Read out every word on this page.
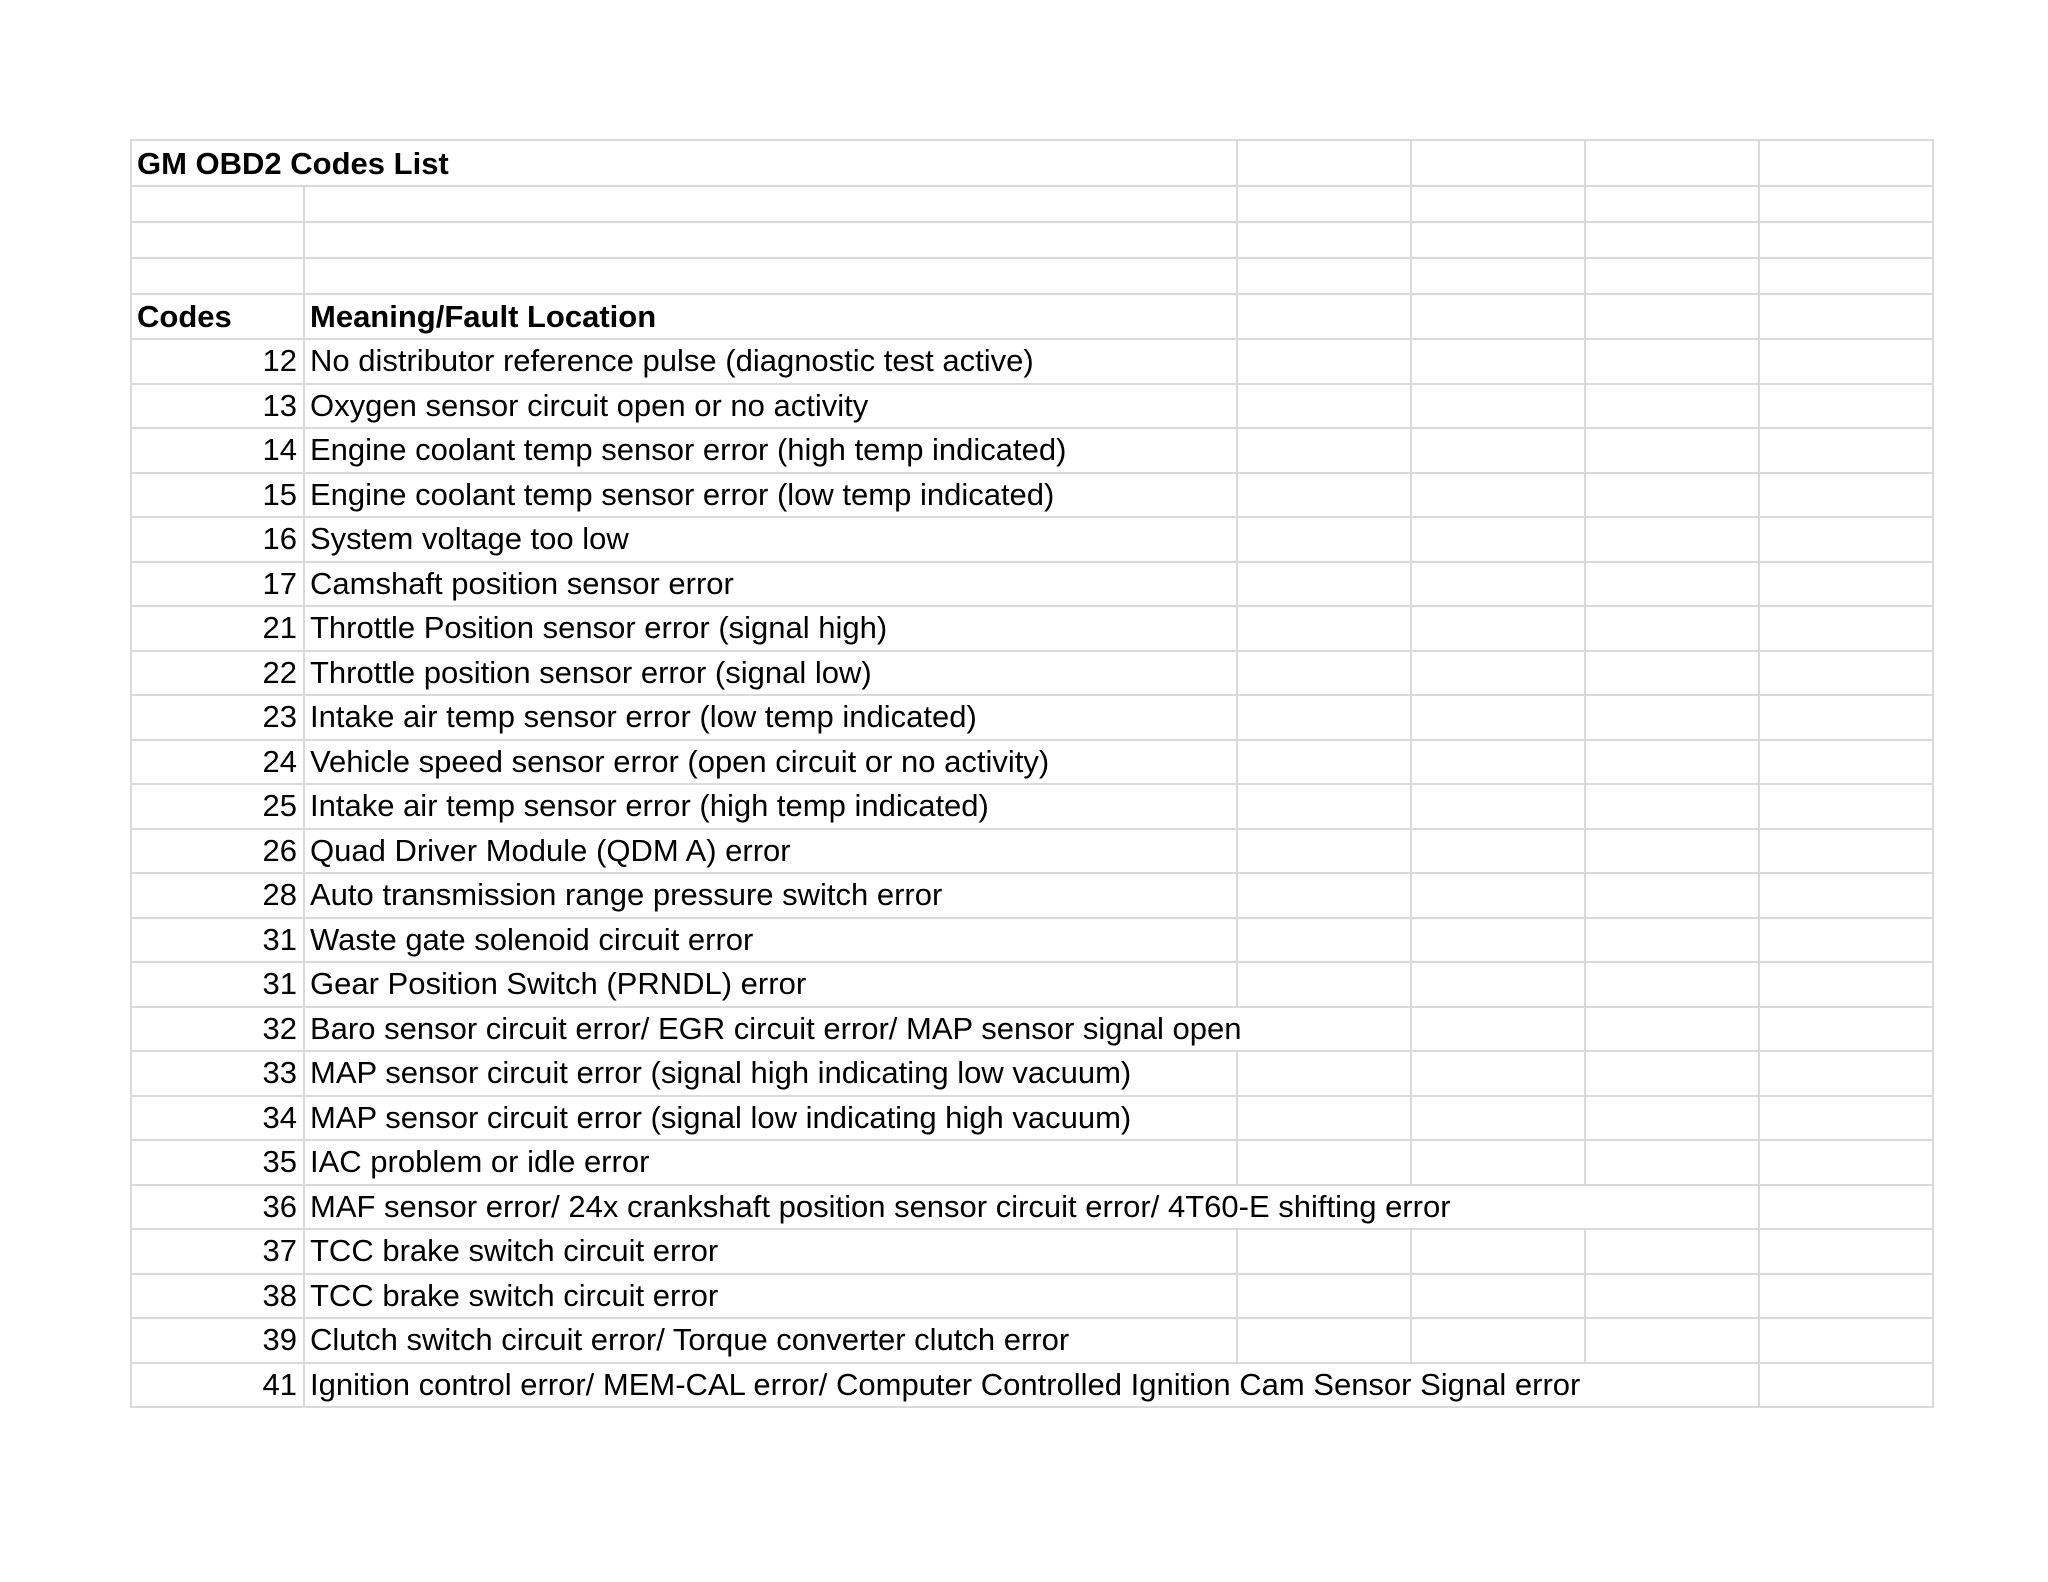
GM OBD2 Codes List
Codes	Meaning/Fault Location
12 No distributor reference pulse (diagnostic test active)
13 Oxygen sensor circuit open or no activity
14 Engine coolant temp sensor error (high temp indicated)
15 Engine coolant temp sensor error (low temp indicated)
16 System voltage too low
17 Camshaft position sensor error
21 Throttle Position sensor error (signal high)
22 Throttle position sensor error (signal low)
23 Intake air temp sensor error (low temp indicated)
24 Vehicle speed sensor error (open circuit or no activity)
25 Intake air temp sensor error (high temp indicated)
26 Quad Driver Module (QDM A) error
28 Auto transmission range pressure switch error
31 Waste gate solenoid circuit error
31 Gear Position Switch (PRNDL) error
32 Baro sensor circuit error/ EGR circuit error/ MAP sensor signal open
33 MAP sensor circuit error (signal high indicating low vacuum)
34 MAP sensor circuit error (signal low indicating high vacuum)
35 IAC problem or idle error
36 MAF sensor error/ 24x crankshaft position sensor circuit error/ 4T60-E shifting error
37 TCC brake switch circuit error
38 TCC brake switch circuit error
39 Clutch switch circuit error/ Torque converter clutch error
41 Ignition control error/ MEM-CAL error/ Computer Controlled Ignition Cam Sensor Signal error
